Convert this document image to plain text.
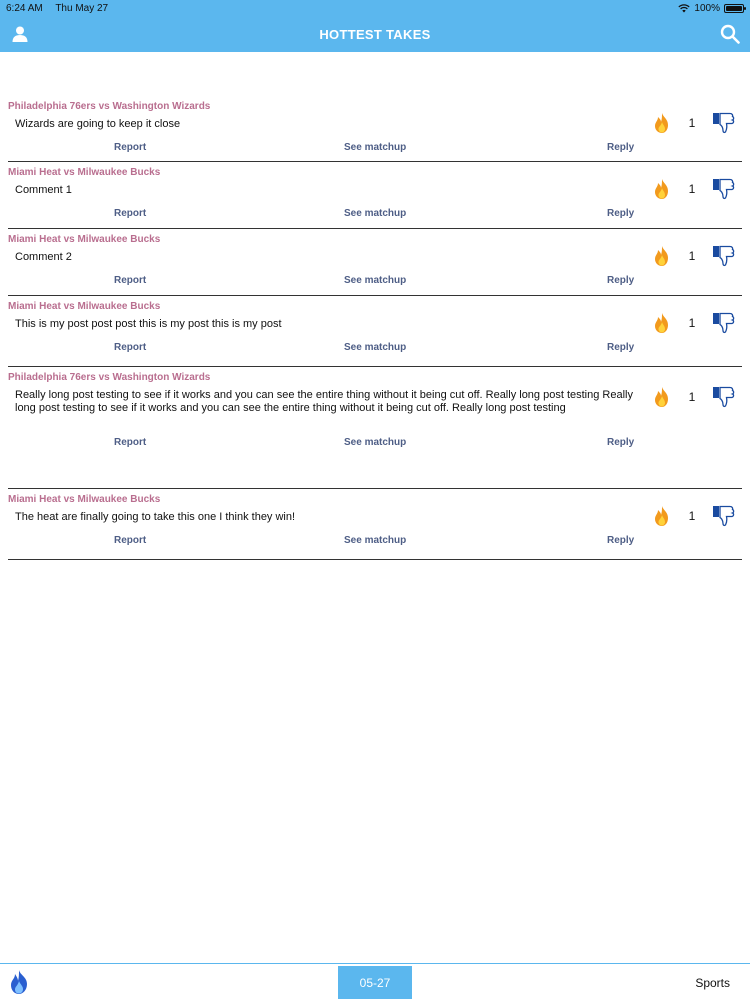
6:24 AM Thu May 27	100%
HOTTEST TAKES
Philadelphia 76ers vs Washington Wizards
Wizards are going to keep it close
Report	See matchup	Reply
1
Miami Heat vs Milwaukee Bucks
Comment 1
Report	See matchup	Reply
1
Miami Heat vs Milwaukee Bucks
Comment 2
Report	See matchup	Reply
1
Miami Heat vs Milwaukee Bucks
This is my post post post this is my post this is my post
Report	See matchup	Reply
1
Philadelphia 76ers vs Washington Wizards
Really long post testing to see if it works and you can see the entire thing without it being cut off. Really long post testing Really long post testing to see if it works and you can see the entire thing without it being cut off. Really long post testing
Report	See matchup	Reply
1
Miami Heat vs Milwaukee Bucks
The heat are finally going to take this one I think they win!
Report	See matchup	Reply
1
05-27	Sports
